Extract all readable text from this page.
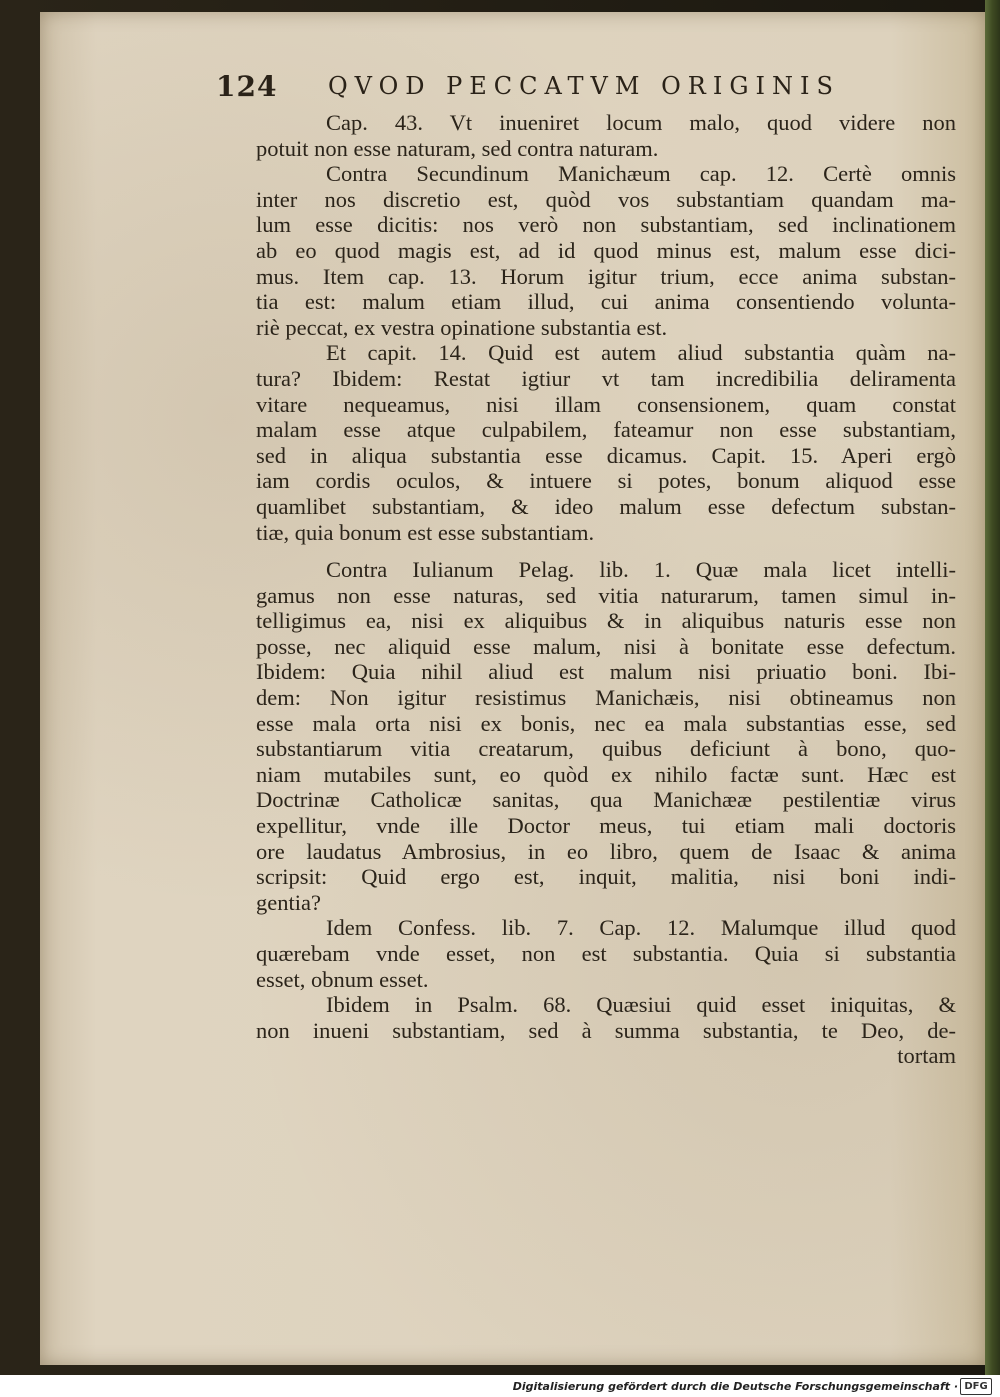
124 QVOD PECCATVM ORIGINIS
Cap. 43. Vt inueniret locum malo, quod videre non
potuit non esse naturam, sed contra naturam.
Contra Secundinum Manichæum cap. 12. Certè omnis
inter nos discretio est, quòd vos substantiam quandam ma-
lum esse dicitis: nos verò non substantiam, sed inclinationem
ab eo quod magis est, ad id quod minus est, malum esse dici-
mus. Item cap. 13. Horum igitur trium, ecce anima substan-
tia est: malum etiam illud, cui anima consentiendo volunta-
riè peccat, ex vestra opinatione substantia est.
Et capit. 14. Quid est autem aliud substantia quàm na-
tura? Ibidem: Restat igtiur vt tam incredibilia deliramenta
vitare nequeamus, nisi illam consensionem, quam constat
malam esse atque culpabilem, fateamur non esse substantiam,
sed in aliqua substantia esse dicamus. Capit. 15. Aperi ergò
iam cordis oculos, & intuere si potes, bonum aliquod esse
quamlibet substantiam, & ideo malum esse defectum substan-
tiæ, quia bonum est esse substantiam.
Contra Iulianum Pelag. lib. 1. Quæ mala licet intelli-
gamus non esse naturas, sed vitia naturarum, tamen simul in-
telligimus ea, nisi ex aliquibus & in aliquibus naturis esse non
posse, nec aliquid esse malum, nisi à bonitate esse defectum.
Ibidem: Quia nihil aliud est malum nisi priuatio boni. Ibi-
dem: Non igitur resistimus Manichæis, nisi obtineamus non
esse mala orta nisi ex bonis, nec ea mala substantias esse, sed
substantiarum vitia creatarum, quibus deficiunt à bono, quo-
niam mutabiles sunt, eo quòd ex nihilo factæ sunt. Hæc est
Doctrinæ Catholicæ sanitas, qua Manichææ pestilentiæ virus
expellitur, vnde ille Doctor meus, tui etiam mali doctoris
ore laudatus Ambrosius, in eo libro, quem de Isaac & anima
scripsit: Quid ergo est, inquit, malitia, nisi boni indi-
gentia?
Idem Confess. lib. 7. Cap. 12. Malumque illud quod
quærebam vnde esset, non est substantia. Quia si substantia
esset, obnum esset.
Ibidem in Psalm. 68. Quæsiui quid esset iniquitas, &
non inueni substantiam, sed à summa substantia, te Deo, de-
tortam
Digitalisierung gefördert durch die Deutsche Forschungsgemeinschaft · DFG
